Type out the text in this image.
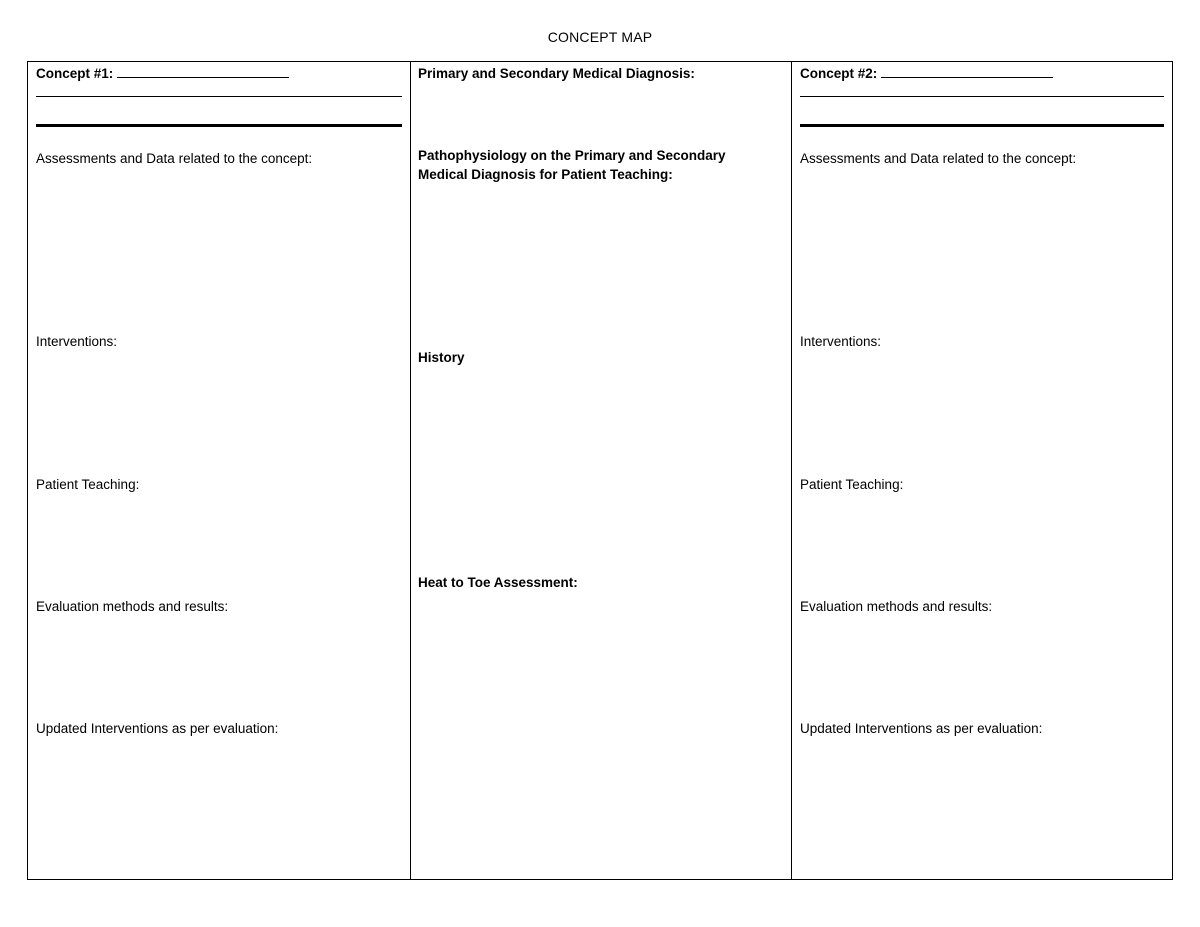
CONCEPT MAP
Concept #1:
Assessments and Data related to the concept:
Interventions:
Patient Teaching:
Evaluation methods and results:
Updated Interventions as per evaluation:
Primary and Secondary Medical Diagnosis:
Pathophysiology on the Primary and Secondary Medical Diagnosis for Patient Teaching:
History
Heat to Toe Assessment:
Concept #2:
Assessments and Data related to the concept:
Interventions:
Patient Teaching:
Evaluation methods and results:
Updated Interventions as per evaluation:
